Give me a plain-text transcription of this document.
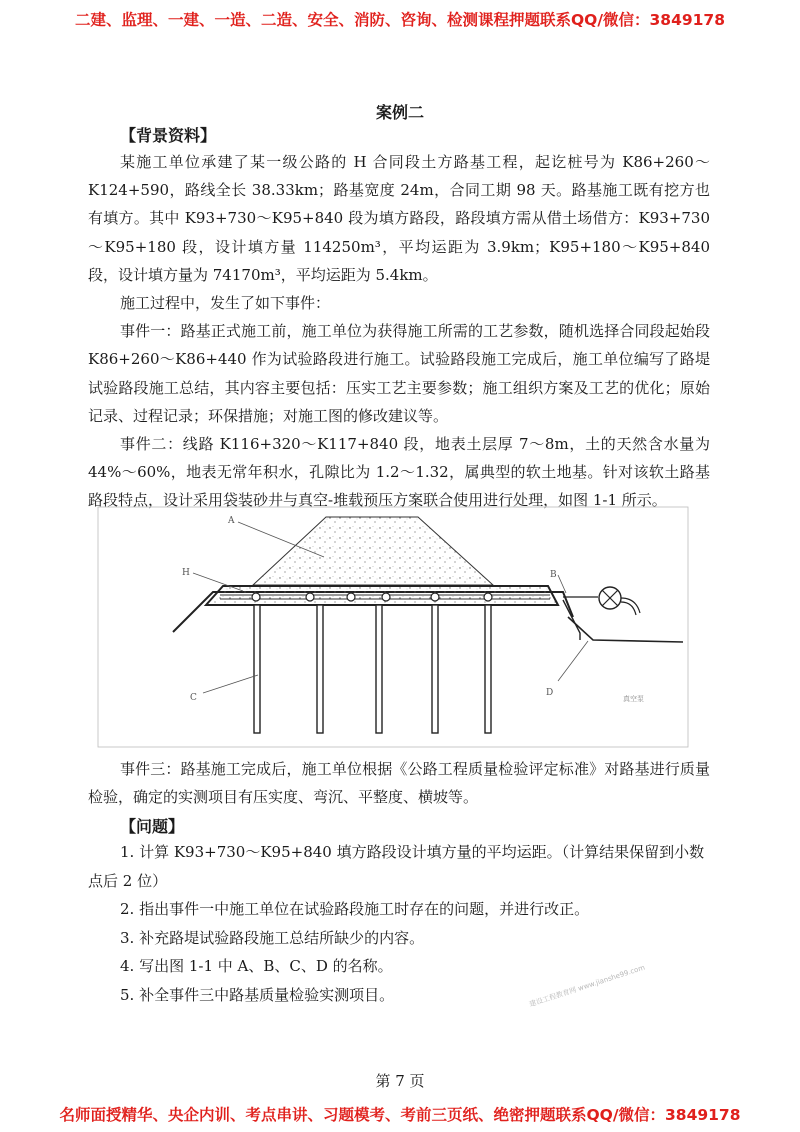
二建、监理、一建、一造、二造、安全、消防、咨询、检测课程押题联系QQ/微信：3849178
案例二
【背景资料】

某施工单位承建了某一级公路的 H 合同段土方路基工程，起讫桩号为 K86+260～K124+590，路线全长 38.33km；路基宽度 24m，合同工期 98 天。路基施工既有挖方也有填方。其中 K93+730～K95+840 段为填方路段，路段填方需从借土场借方：K93+730～K95+180 段，设计填方量 114250m³，平均运距为 3.9km；K95+180～K95+840 段，设计填方量为 74170m³，平均运距为 5.4km。

施工过程中，发生了如下事件：

事件一：路基正式施工前，施工单位为获得施工所需的工艺参数，随机选择合同段起始段 K86+260～K86+440 作为试验路段进行施工。试验路段施工完成后，施工单位编写了路堤试验路段施工总结，其内容主要包括：压实工艺主要参数；施工组织方案及工艺的优化；原始记录、过程记录；环保措施；对施工图的修改建议等。

事件二：线路 K116+320～K117+840 段，地表土层厚 7～8m，土的天然含水量为 44%～60%，地表无常年积水，孔隙比为 1.2～1.32，属典型的软土地基。针对该软土路基路段特点，设计采用袋装砂井与真空-堆载预压方案联合使用进行处理，如图 1-1 所示。

A
H	B
C	D
真空泵

事件三：路基施工完成后，施工单位根据《公路工程质量检验评定标准》对路基进行质量检验，确定的实测项目有压实度、弯沉、平整度、横坡等。

【问题】

1. 计算 K93+730～K95+840 填方路段设计填方量的平均运距。（计算结果保留到小数点后 2 位）

2. 指出事件一中施工单位在试验路段施工时存在的问题，并进行改正。

3. 补充路堤试验路段施工总结所缺少的内容。

4. 写出图 1-1 中 A、B、C、D 的名称。

5. 补全事件三中路基质量检验实测项目。	建设工程教育网 www.jianshe99.com
第 7 页
名师面授精华、央企内训、考点串讲、习题模考、考前三页纸、绝密押题联系QQ/微信：3849178
